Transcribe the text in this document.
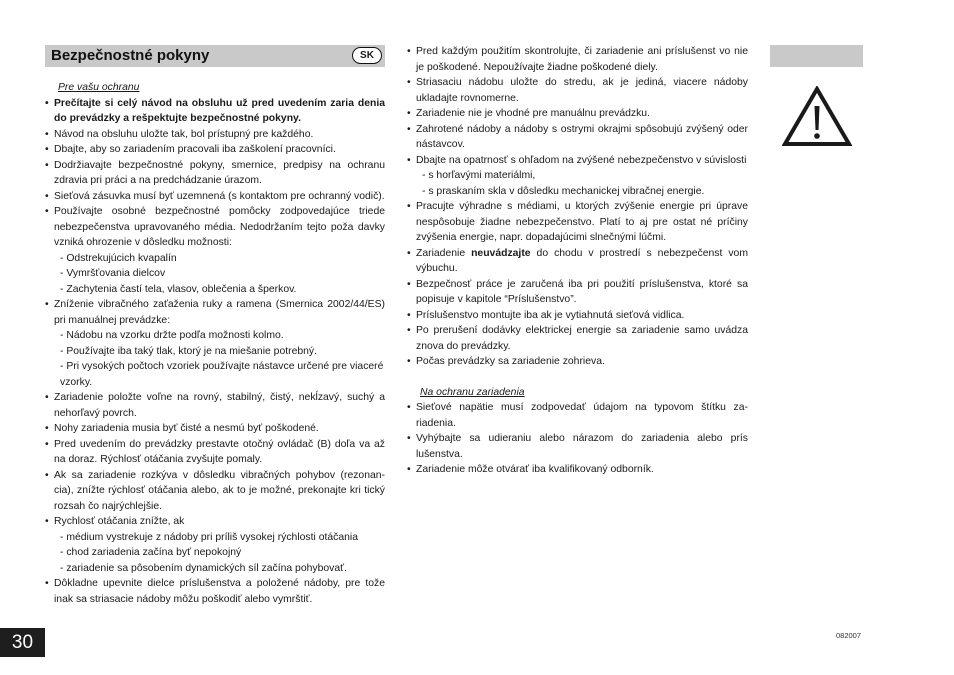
Bezpečnostné pokyny	SK

Pre vašu ochranu

• Prečítajte si celý návod na obsluhu už pred uvedením zaria denia do prevádzky a rešpektujte bezpečnostné pokyny.

• Návod na obsluhu uložte tak, bol prístupný pre každého.

• Dbajte, aby so zariadením pracovali iba zaškolení pracovníci.

• Dodržiavajte bezpečnostné pokyny, smernice, predpisy na ochranu zdravia pri práci a na predchádzanie úrazom.

• Sieťová zásuvka musí byť uzemnená (s kontaktom pre ochranný vodič).

• Používajte osobné bezpečnostné pomôcky zodpovedajúce triede nebezpečenstva upravovaného média. Nedodržaním tejto poža davky vzniká ohrozenie v dôsledku možnosti:

- Odstrekujúcich kvapalín

- Vymršťovania dielcov

- Zachytenia častí tela, vlasov, oblečenia a šperkov.

• Zníženie vibračného zaťaženia ruky a ramena (Smernica 2002/44/ES) pri manuálnej prevádzke:

- Nádobu na vzorku držte podľa možnosti kolmo.

- Používajte iba taký tlak, ktorý je na miešanie potrebný.

- Pri vysokých počtoch vzoriek používajte nástavce určené pre viaceré vzorky.

• Zariadenie položte voľne na rovný, stabilný, čistý, nekĺzavý, suchý a nehorľavý povrch.

• Nohy zariadenia musia byť čisté a nesmú byť poškodené.

• Pred uvedením do prevádzky prestavte otočný ovládač (B) doľa va až na doraz. Rýchlosť otáčania zvyšujte pomaly.

• Ak sa zariadenie rozkýva v dôsledku vibračných pohybov (rezonan- cia), znížte rýchlosť otáčania alebo, ak to je možné, prekonajte kri tický rozsah čo najrýchlejšie.

• Rychlosť otáčania znížte, ak

- médium vystrekuje z nádoby pri príliš vysokej rýchlosti otáčania

- chod zariadenia začína byť nepokojný

- zariadenie sa pôsobením dynamických síl začína pohybovať.

• Dôkladne upevnite dielce príslušenstva a položené nádoby, pre tože inak sa striasacie nádoby môžu poškodiť alebo vymrštiť.

• Pred každým použitím skontrolujte, či zariadenie ani príslušenst vo nie je poškodené. Nepoužívajte žiadne poškodené diely.

• Striasaciu nádobu uložte do stredu, ak je jediná, viacere nádoby ukladajte rovnomerne.

• Zariadenie nie je vhodné pre manuálnu prevádzku.

• Zahrotené nádoby a nádoby s ostrymi okrajmi spôsobujú zvýšený oder nástavcov.

• Dbajte na opatrnosť s ohľadom na zvýšené nebezpečenstvo v súvislosti

- s horľavými materiálmi,

- s praskaním skla v dôsledku mechanickej vibračnej energie.

• Pracujte výhradne s médiami, u ktorých zvýšenie energie pri úprave nespôsobuje žiadne nebezpečenstvo. Platí to aj pre ostat né príčiny zvýšenia energie, napr. dopadajúcimi slnečnými lúčmi.

• Zariadenie neuvádzajte do chodu v prostredí s nebezpečenst vom výbuchu.

• Bezpečnosť práce je zaručená iba pri použití príslušenstva, ktoré sa popisuje v kapitole “Príslušenstvo”.

• Príslušenstvo montujte iba ak je vytiahnutá sieťová vidlica.

• Po prerušení dodávky elektrickej energie sa zariadenie samo uvádza znova do prevádzky.

• Počas prevádzky sa zariadenie zohrieva.

Na ochranu zariadenia

• Sieťové napätie musí zodpovedať údajom na typovom štítku za- riadenia.

• Vyhýbajte sa udieraniu alebo nárazom do zariadenia alebo prís lušenstva.

• Zariadenie môže otvárať iba kvalifikovaný odborník.

30	082007
